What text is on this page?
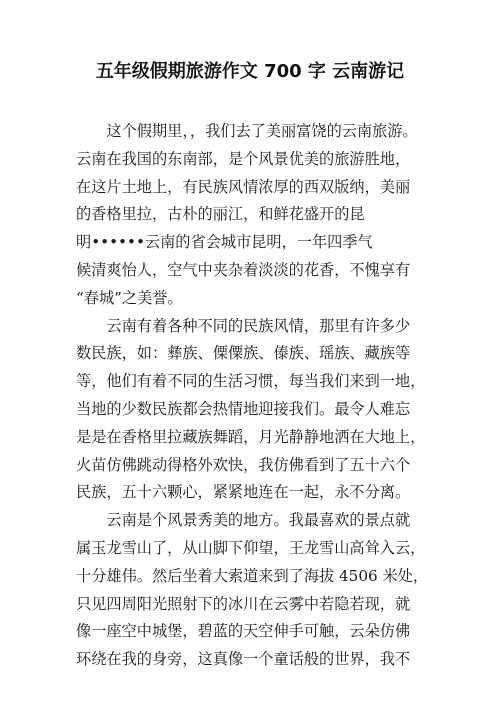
五年级假期旅游作文 700 字 云南游记
　　这个假期里，，我们去了美丽富饶的云南旅游。
云南在我国的东南部，是个风景优美的旅游胜地，
在这片土地上，有民族风情浓厚的西双版纳，美丽
的香格里拉，古朴的丽江，和鲜花盛开的昆
明••••••云南的省会城市昆明，一年四季气
候清爽怡人，空气中夹杂着淡淡的花香，不愧享有
“春城”之美誉。
　　云南有着各种不同的民族风情，那里有许多少
数民族，如：彝族、傈僳族、傣族、瑶族、藏族等
等，他们有着不同的生活习惯，每当我们来到一地，
当地的少数民族都会热情地迎接我们。最令人难忘
是是在香格里拉藏族舞蹈，月光静静地洒在大地上，
火苗仿佛跳动得格外欢快，我仿佛看到了五十六个
民族，五十六颗心，紧紧地连在一起，永不分离。
　　云南是个风景秀美的地方。我最喜欢的景点就
属玉龙雪山了，从山脚下仰望，王龙雪山高耸入云，
十分雄伟。然后坐着大索道来到了海拔 4506 米处，
只见四周阳光照射下的冰川在云雾中若隐若现，就
像一座空中城堡，碧蓝的天空伸手可触，云朵仿佛
环绕在我的身旁，这真像一个童话般的世界，我不
